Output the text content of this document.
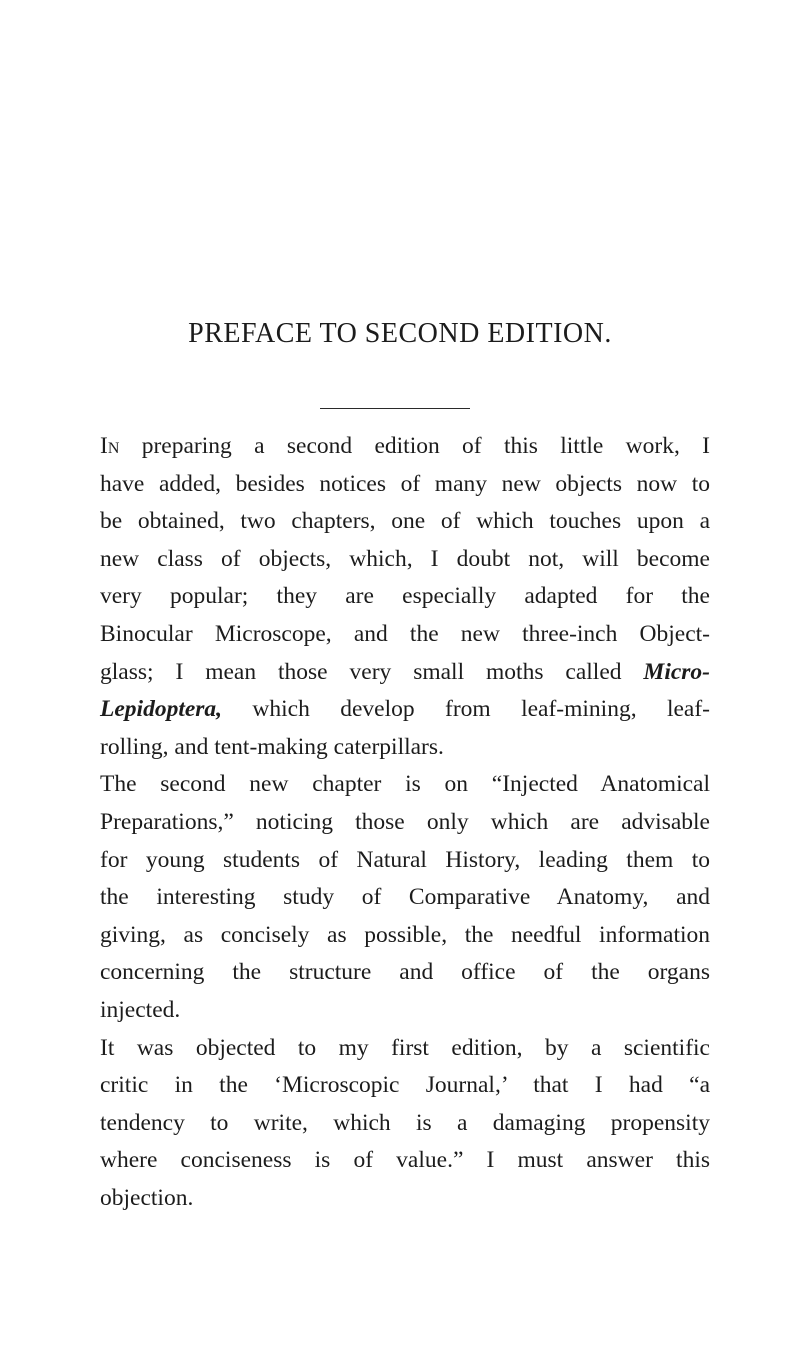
PREFACE TO SECOND EDITION.
In preparing a second edition of this little work, I
have added, besides notices of many new objects now to
be obtained, two chapters, one of which touches upon a
new class of objects, which, I doubt not, will become
very popular; they are especially adapted for the
Binocular Microscope, and the new three-inch Object-
glass; I mean those very small moths called Micro-
Lepidoptera, which develop from leaf-mining, leaf-
rolling, and tent-making caterpillars.
The second new chapter is on “Injected Anatomical
Preparations,” noticing those only which are advisable
for young students of Natural History, leading them to
the interesting study of Comparative Anatomy, and
giving, as concisely as possible, the needful information
concerning the structure and office of the organs
injected.
It was objected to my first edition, by a scientific
critic in the ‘Microscopic Journal,’ that I had “a
tendency to write, which is a damaging propensity
where conciseness is of value.” I must answer this
objection.
